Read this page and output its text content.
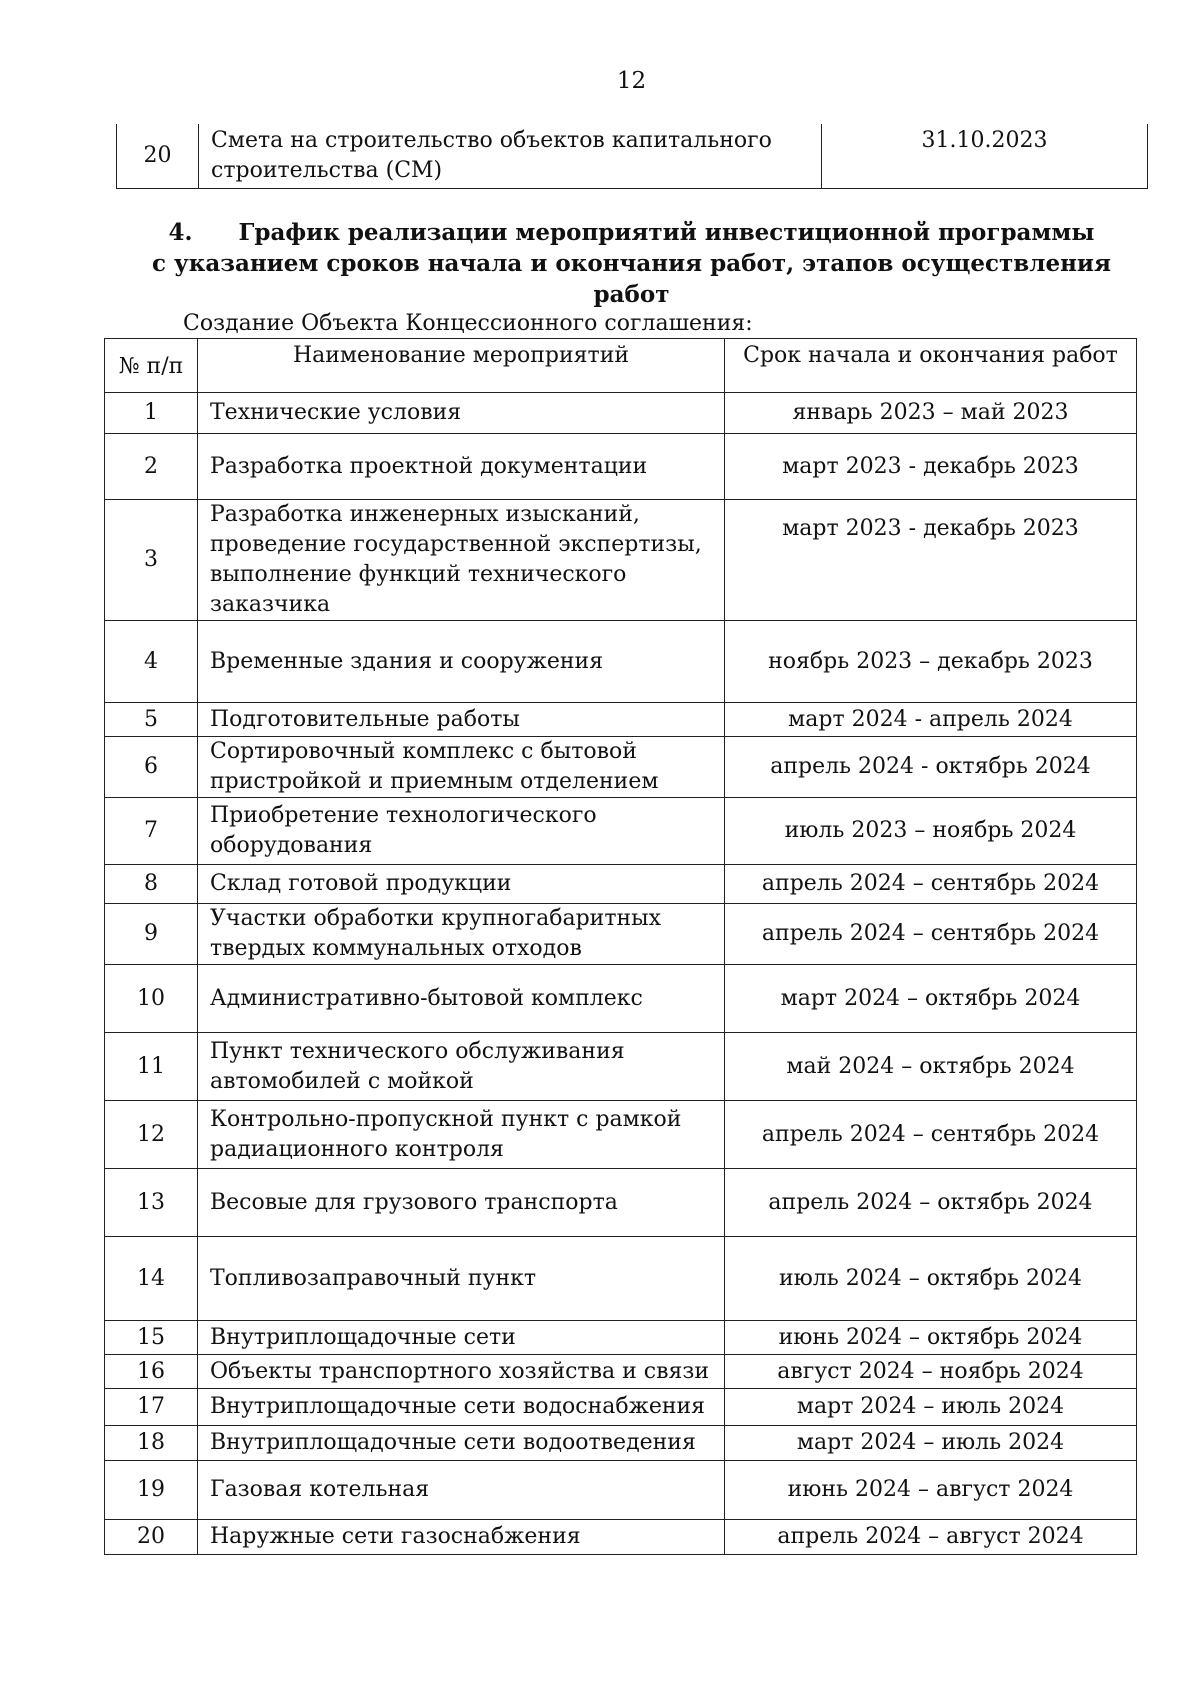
12
20	Смета на строительство объектов капитального строительства (СМ)	31.10.2023
4. График реализации мероприятий инвестиционной программы
с указанием сроков начала и окончания работ, этапов осуществления работ
Создание Объекта Концессионного соглашения:
№ п/п	Наименование мероприятий	Срок начала и окончания работ
1	Технические условия	январь 2023 – май 2023
2	Разработка проектной документации	март 2023 - декабрь 2023
3	Разработка инженерных изысканий, проведение государственной экспертизы, выполнение функций технического заказчика	март 2023 - декабрь 2023
4	Временные здания и сооружения	ноябрь 2023 – декабрь 2023
5	Подготовительные работы	март 2024 - апрель 2024
6	Сортировочный комплекс с бытовой пристройкой и приемным отделением	апрель 2024 - октябрь 2024
7	Приобретение технологического оборудования	июль 2023 – ноябрь 2024
8	Склад готовой продукции	апрель 2024 – сентябрь 2024
9	Участки обработки крупногабаритных твердых коммунальных отходов	апрель 2024 – сентябрь 2024
10	Административно-бытовой комплекс	март 2024 – октябрь 2024
11	Пункт технического обслуживания автомобилей с мойкой	май 2024 – октябрь 2024
12	Контрольно-пропускной пункт с рамкой радиационного контроля	апрель 2024 – сентябрь 2024
13	Весовые для грузового транспорта	апрель 2024 – октябрь 2024
14	Топливозаправочный пункт	июль 2024 – октябрь 2024
15	Внутриплощадочные сети	июнь 2024 – октябрь 2024
16	Объекты транспортного хозяйства и связи	август 2024 – ноябрь 2024
17	Внутриплощадочные сети водоснабжения	март 2024 – июль 2024
18	Внутриплощадочные сети водоотведения	март 2024 – июль 2024
19	Газовая котельная	июнь 2024 – август 2024
20	Наружные сети газоснабжения	апрель 2024 – август 2024
